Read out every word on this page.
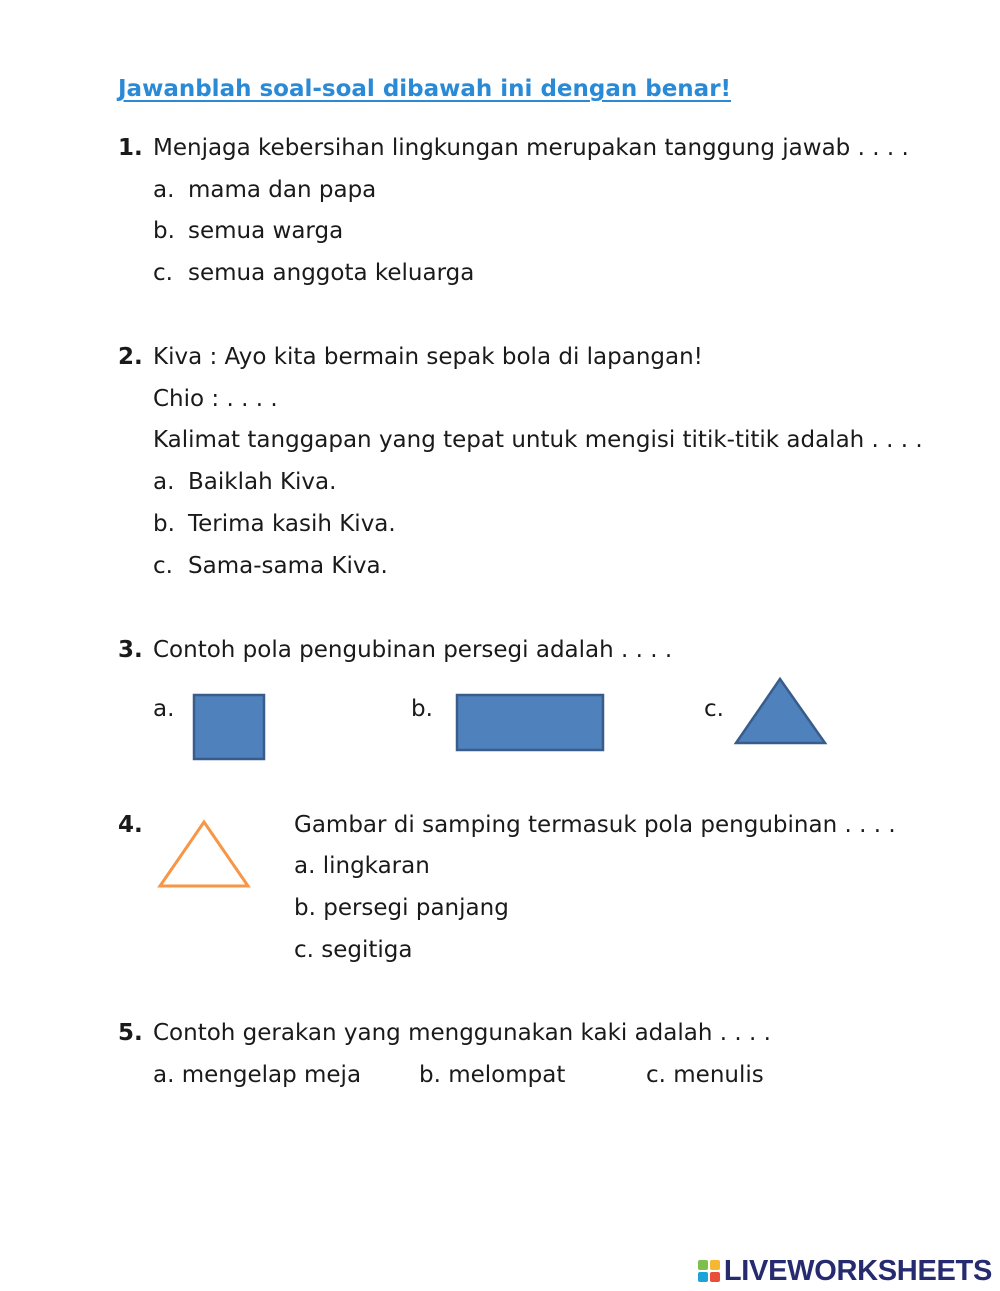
Jawanblah soal-soal dibawah ini dengan benar!
1. Menjaga kebersihan lingkungan merupakan tanggung jawab . . . .
a. mama dan papa
b. semua warga
c. semua anggota keluarga
2. Kiva : Ayo kita bermain sepak bola di lapangan!
Chio : . . . .
Kalimat tanggapan yang tepat untuk mengisi titik-titik adalah . . . .
a. Baiklah Kiva.
b. Terima kasih Kiva.
c. Sama-sama Kiva.
3. Contoh pola pengubinan persegi adalah . . . .
a.	b.	c.
4.	Gambar di samping termasuk pola pengubinan . . . .
a. lingkaran
b. persegi panjang
c. segitiga
5. Contoh gerakan yang menggunakan kaki adalah . . . .
a. mengelap meja	b. melompat	c. menulis
LIVEWORKSHEETS
